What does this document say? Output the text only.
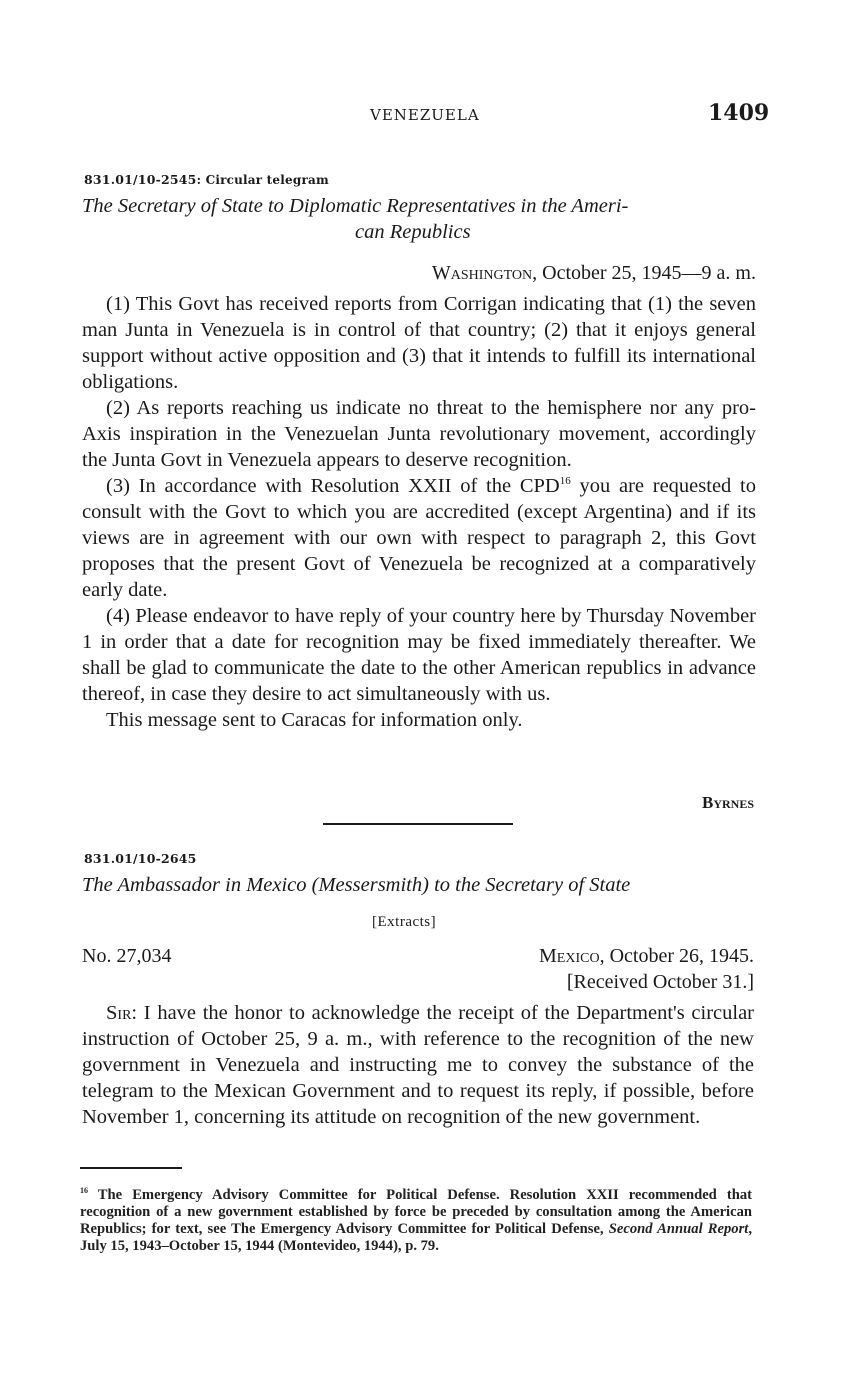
VENEZUELA	1409
831.01/10-2545: Circular telegram
The Secretary of State to Diplomatic Representatives in the Ameri-
can Republics
Washington, October 25, 1945—9 a. m.

(1) This Govt has received reports from Corrigan indicating that (1) the seven man Junta in Venezuela is in control of that country; (2) that it enjoys general support without active opposition and (3) that it intends to fulfill its international obligations.

(2) As reports reaching us indicate no threat to the hemisphere nor any pro-Axis inspiration in the Venezuelan Junta revolutionary movement, accordingly the Junta Govt in Venezuela appears to deserve recognition.

(3) In accordance with Resolution XXII of the CPD$^{16}$ you are requested to consult with the Govt to which you are accredited (except Argentina) and if its views are in agreement with our own with respect to paragraph 2, this Govt proposes that the present Govt of Venezuela be recognized at a comparatively early date.

(4) Please endeavor to have reply of your country here by Thursday November 1 in order that a date for recognition may be fixed immediately thereafter. We shall be glad to communicate the date to the other American republics in advance thereof, in case they desire to act simultaneously with us.

This message sent to Caracas for information only.

Byrnes
831.01/10-2645
The Ambassador in Mexico (Messersmith) to the Secretary of State
[Extracts]
No. 27,034	Mexico, October 26, 1945.
[Received October 31.]

Sir: I have the honor to acknowledge the receipt of the Department's circular instruction of October 25, 9 a. m., with reference to the recognition of the new government in Venezuela and instructing me to convey the substance of the telegram to the Mexican Government and to request its reply, if possible, before November 1, concerning its attitude on recognition of the new government.

$^{16}$ The Emergency Advisory Committee for Political Defense. Resolution XXII recommended that recognition of a new government established by force be preceded by consultation among the American Republics; for text, see The Emergency Advisory Committee for Political Defense, Second Annual Report, July 15, 1943–October 15, 1944 (Montevideo, 1944), p. 79.
